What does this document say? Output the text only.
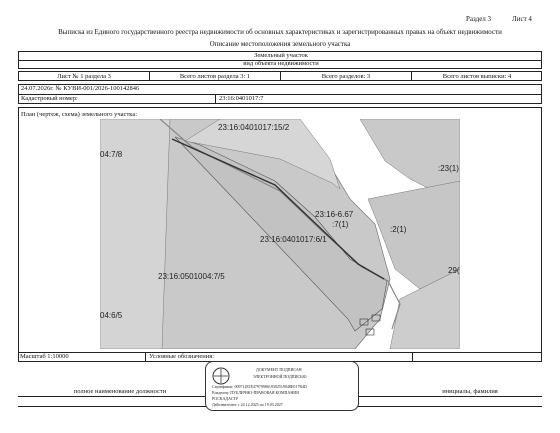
Раздел 3	Лист 4
Выписка из Единого государственного реестра недвижимости об основных характеристиках и зарегистрированных правах на объект недвижимости
Описание местоположения земельного участка
Земельный участок
вид объекта недвижимости
Лист № 1 раздела 3	Всего листов раздела 3: 1	Всего разделов: 3	Всего листов выписки: 4
24.07.2026г. № КУВИ-001/2026-100142846
Кадастровый номер:	23:16:0401017:7
План (чертеж, схема) земельного участка:
23:16:0401017:15/2
04:7/8
:23(1)
23:16-6.67
:7(1)
23:16:0401017:6/1
:2(1)
23:16:0501004:7/5
29(
04:6/5
Масштаб 1:10000	Условные обозначения:
полное наименование должности	инициалы, фамилия
ДОКУМЕНТ ПОДПИСАН
ЭЛЕКТРОННОЙ ПОДПИСЬЮ
Сертификат: 00971481E4797998619392519048E017B4D
Владелец: ПУБЛИЧНО-ПРАВОВАЯ КОМПАНИЯ
РОСКАДАСТР
Действителен: с 24.12.2025 по 19.03.2027
